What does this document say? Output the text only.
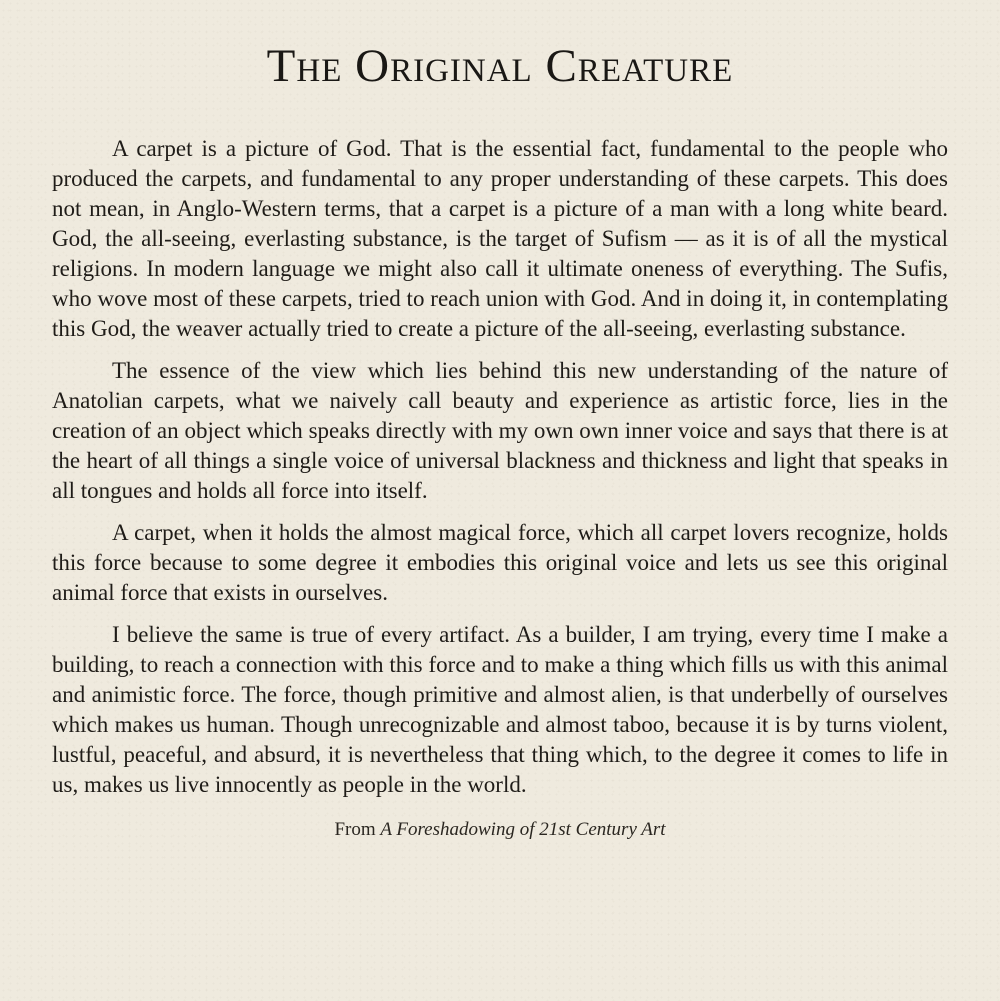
The Original Creature

A carpet is a picture of God. That is the essential fact, fundamental to the people who produced the carpets, and fundamental to any proper understanding of these carpets. This does not mean, in Anglo-Western terms, that a carpet is a picture of a man with a long white beard. God, the all-seeing, everlasting substance, is the target of Sufism — as it is of all the mystical religions. In modern language we might also call it ultimate oneness of everything. The Sufis, who wove most of these carpets, tried to reach union with God. And in doing it, in contemplating this God, the weaver actually tried to create a picture of the all-seeing, everlasting substance.

The essence of the view which lies behind this new understanding of the nature of Anatolian carpets, what we naively call beauty and experience as artistic force, lies in the creation of an object which speaks directly with my own own inner voice and says that there is at the heart of all things a single voice of universal blackness and thickness and light that speaks in all tongues and holds all force into itself.

A carpet, when it holds the almost magical force, which all carpet lovers recognize, holds this force because to some degree it embodies this original voice and lets us see this original animal force that exists in ourselves.

I believe the same is true of every artifact. As a builder, I am trying, every time I make a building, to reach a connection with this force and to make a thing which fills us with this animal and animistic force. The force, though primitive and almost alien, is that underbelly of ourselves which makes us human. Though unrecognizable and almost taboo, because it is by turns violent, lustful, peaceful, and absurd, it is nevertheless that thing which, to the degree it comes to life in us, makes us live innocently as people in the world.

From A Foreshadowing of 21st Century Art
